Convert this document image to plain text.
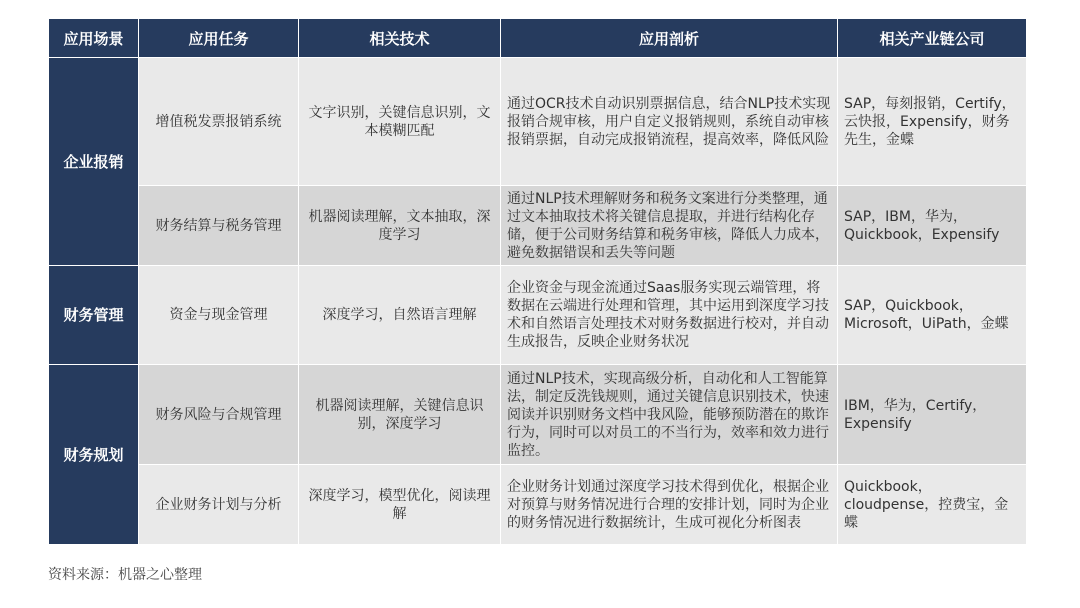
应用场景	应用任务	相关技术	应用剖析	相关产业链公司
企业报销	增值税发票报销系统	文字识别，关键信息识别，文本模糊匹配	通过OCR技术自动识别票据信息，结合NLP技术实现报销合规审核，用户自定义报销规则，系统自动审核报销票据，自动完成报销流程，提高效率，降低风险	SAP，每刻报销，Certify，云快报，Expensify，财务先生，金蝶
	财务结算与税务管理	机器阅读理解，文本抽取，深度学习	通过NLP技术理解财务和税务文案进行分类整理，通过文本抽取技术将关键信息提取，并进行结构化存储，便于公司财务结算和税务审核，降低人力成本，避免数据错误和丢失等问题	SAP，IBM，华为，Quickbook，Expensify
财务管理	资金与现金管理	深度学习，自然语言理解	企业资金与现金流通过Saas服务实现云端管理，将数据在云端进行处理和管理，其中运用到深度学习技术和自然语言处理技术对财务数据进行校对，并自动生成报告，反映企业财务状况	SAP，Quickbook，Microsoft，UiPath，金蝶
财务规划	财务风险与合规管理	机器阅读理解，关键信息识别，深度学习	通过NLP技术，实现高级分析，自动化和人工智能算法，制定反洗钱规则，通过关键信息识别技术，快速阅读并识别财务文档中我风险，能够预防潜在的欺诈行为，同时可以对员工的不当行为，效率和效力进行监控。	IBM，华为，Certify，Expensify
	企业财务计划与分析	深度学习，模型优化，阅读理解	企业财务计划通过深度学习技术得到优化，根据企业对预算与财务情况进行合理的安排计划，同时为企业的财务情况进行数据统计，生成可视化分析图表	Quickbook，cloudpense，控费宝，金蝶
资料来源：机器之心整理
